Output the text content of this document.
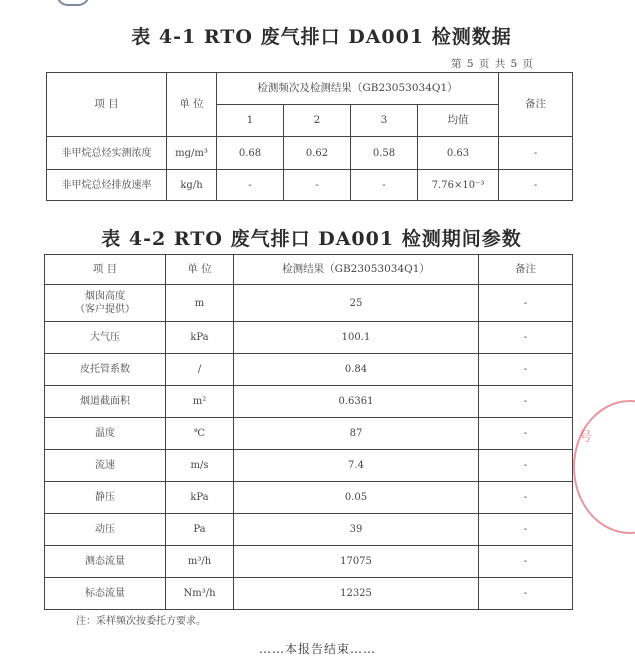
表 4-1 RTO 废气排口 DA001 检测数据
第 5 页 共 5 页
项 目	单 位	检测频次及检测结果（GB23053034Q1）				备注
		1	2	3	均值	
非甲烷总烃实测浓度	mg/m³	0.68	0.62	0.58	0.63	-
非甲烷总烃排放速率	kg/h	-	-	-	7.76×10⁻³	-
表 4-2 RTO 废气排口 DA001 检测期间参数
项 目	单 位	检测结果（GB23053034Q1）	备注
烟囱高度
（客户提供）	m	25	-
大气压	kPa	100.1	-
皮托管系数	/	0.84	-
烟道截面积	m²	0.6361	-
温度	℃	87	-
流速	m/s	7.4	-
静压	kPa	0.05	-
动压	Pa	39	-
测态流量	m³/h	17075	-
标态流量	Nm³/h	12325	-
注：采样频次按委托方要求。
……本报告结束……
号
